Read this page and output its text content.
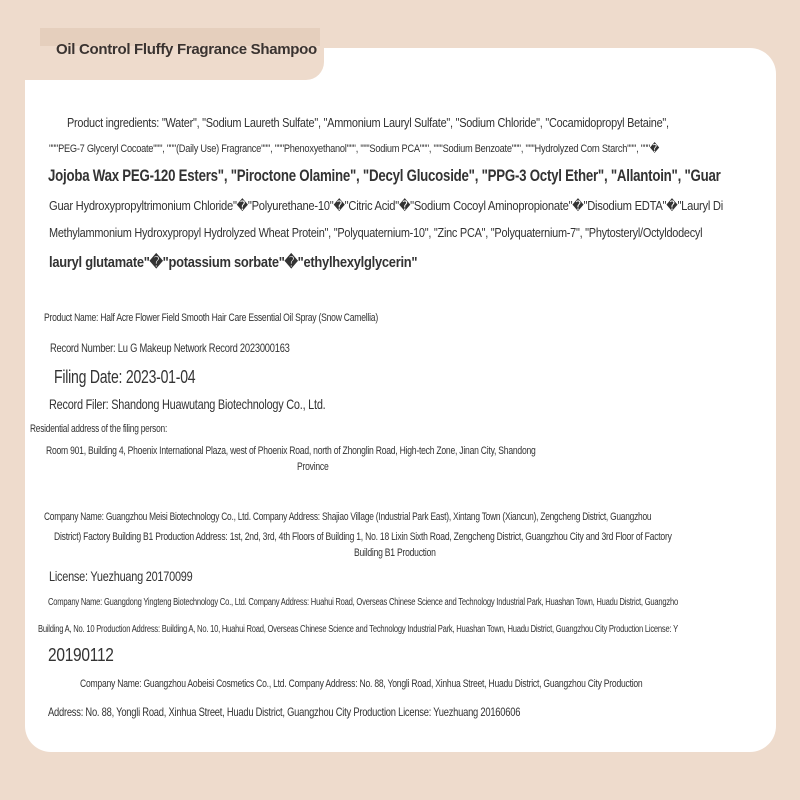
Oil Control Fluffy Fragrance Shampoo
Product ingredients: "Water", "Sodium Laureth Sulfate", "Ammonium Lauryl Sulfate", "Sodium Chloride", "Cocamidopropyl Betaine",
"""PEG-7 Glyceryl Cocoate""", """(Daily Use) Fragrance""", """Phenoxyethanol""", """Sodium PCA""", """Sodium Benzoate""", """Hydrolyzed Corn Starch""", """�
Jojoba Wax PEG-120 Esters", "Piroctone Olamine", "Decyl Glucoside", "PPG-3 Octyl Ether", "Allantoin", "Guar
Guar Hydroxypropyltrimonium Chloride"�"Polyurethane-10"�"Citric Acid"�"Sodium Cocoyl Aminopropionate"�"Disodium EDTA"�"Lauryl Di
Methylammonium Hydroxypropyl Hydrolyzed Wheat Protein", "Polyquaternium-10", "Zinc PCA", "Polyquaternium-7", "Phytosteryl/Octyldodecyl
lauryl glutamate"�"potassium sorbate"�"ethylhexylglycerin"
Product Name: Half Acre Flower Field Smooth Hair Care Essential Oil Spray (Snow Camellia)
Record Number: Lu G Makeup Network Record 2023000163
Filing Date: 2023-01-04
Record Filer: Shandong Huawutang Biotechnology Co., Ltd.
Residential address of the filing person:
Room 901, Building 4, Phoenix International Plaza, west of Phoenix Road, north of Zhonglin Road, High-tech Zone, Jinan City, Shandong
Province
Company Name: Guangzhou Meisi Biotechnology Co., Ltd. Company Address: Shajiao Village (Industrial Park East), Xintang Town (Xiancun), Zengcheng District, Guangzhou
District) Factory Building B1 Production Address: 1st, 2nd, 3rd, 4th Floors of Building 1, No. 18 Lixin Sixth Road, Zengcheng District, Guangzhou City and 3rd Floor of Factory
Building B1 Production
License: Yuezhuang 20170099
Company Name: Guangdong Yingteng Biotechnology Co., Ltd. Company Address: Huahui Road, Overseas Chinese Science and Technology Industrial Park, Huashan Town, Huadu District, Guangzho
Building A, No. 10 Production Address: Building A, No. 10, Huahui Road, Overseas Chinese Science and Technology Industrial Park, Huashan Town, Huadu District, Guangzhou City Production License: Y
20190112
Company Name: Guangzhou Aobeisi Cosmetics Co., Ltd. Company Address: No. 88, Yongli Road, Xinhua Street, Huadu District, Guangzhou City Production
Address: No. 88, Yongli Road, Xinhua Street, Huadu District, Guangzhou City Production License: Yuezhuang 20160606
